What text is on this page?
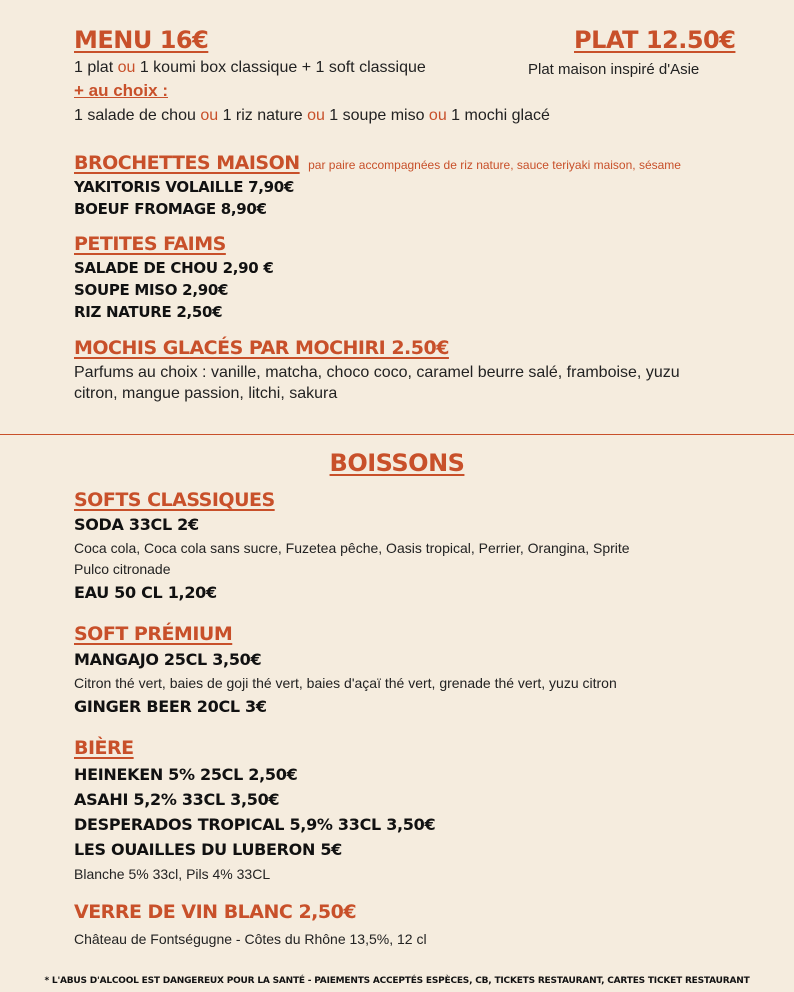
MENU 16€
1 plat ou 1 koumi box classique + 1 soft classique
+ au choix :
1 salade de chou ou 1 riz nature ou 1 soupe miso ou 1 mochi glacé
PLAT 12.50€
Plat maison inspiré d'Asie
BROCHETTES MAISON par paire accompagnées de riz nature, sauce teriyaki maison, sésame
YAKITORIS VOLAILLE 7,90€
BOEUF FROMAGE 8,90€
PETITES FAIMS
SALADE DE CHOU 2,90 €
SOUPE MISO 2,90€
RIZ NATURE 2,50€
MOCHIS GLACÉS PAR MOCHIRI 2.50€
Parfums au choix : vanille, matcha, choco coco, caramel beurre salé, framboise, yuzu
citron, mangue passion, litchi, sakura
BOISSONS
SOFTS CLASSIQUES
SODA 33CL 2€
Coca cola, Coca cola sans sucre, Fuzetea pêche, Oasis tropical, Perrier, Orangina, Sprite
Pulco citronade
EAU 50 CL 1,20€
SOFT PRÉMIUM
MANGAJO 25CL 3,50€
Citron thé vert, baies de goji thé vert, baies d'açaï thé vert, grenade thé vert, yuzu citron
GINGER BEER 20CL 3€
BIÈRE
HEINEKEN 5% 25CL 2,50€
ASAHI 5,2% 33CL 3,50€
DESPERADOS TROPICAL 5,9% 33CL 3,50€
LES OUAILLES DU LUBERON 5€
Blanche 5% 33cl, Pils 4% 33CL
VERRE DE VIN BLANC 2,50€
Château de Fontségugne - Côtes du Rhône 13,5%, 12 cl
* L'ABUS D'ALCOOL EST DANGEREUX POUR LA SANTÉ - PAIEMENTS ACCEPTÉS ESPÈCES, CB, TICKETS RESTAURANT, CARTES TICKET RESTAURANT
